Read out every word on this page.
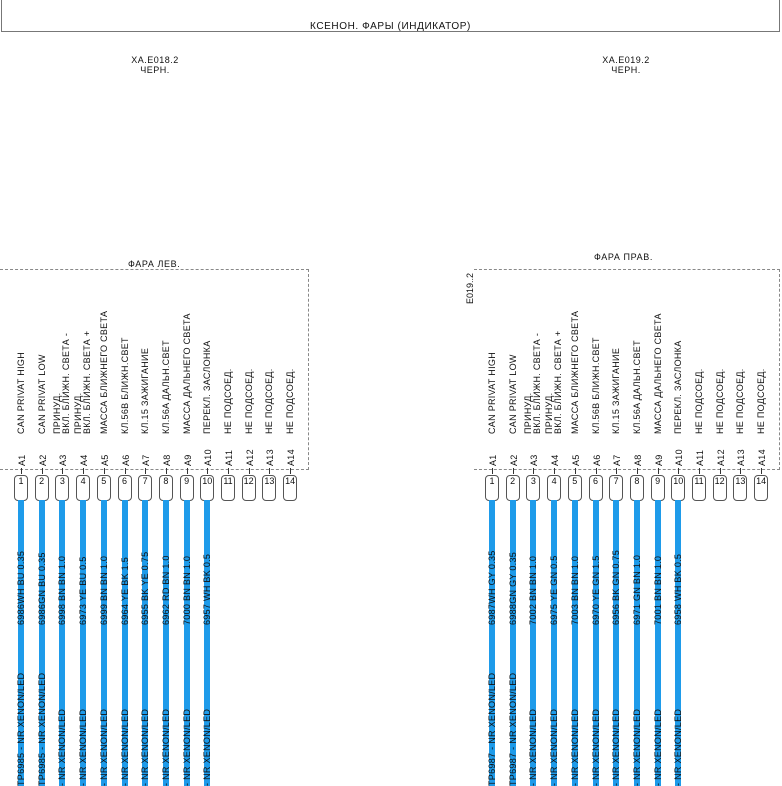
КСЕНОН. ФАРЫ (ИНДИКАТОР)
XA.E018.2
ЧЕРН.
XA.E019.2
ЧЕРН.
ФАРА ЛЕВ.
CAN PRIVAT HIGH
A1
1
6986WH BU 0.35
TP6985 - NR XENON/LED
CAN PRIVAT LOW
A2
2
6986GN BU 0.35
TP6985 - NR XENON/LED
ПРИНУД. ВКЛ. БЛИЖН. СВЕТА -
A3
3
6998 BN BN 1.0
- NR XENON/LED
ПРИНУД. ВКЛ. БЛИЖН. СВЕТА +
A4
4
6973 YE BU 0.5
- NR XENON/LED
МАССА БЛИЖНЕГО СВЕТА
A5
5
6999 BN BN 1.0
- NR XENON/LED
КЛ.56B БЛИЖН.СВЕТ
A6
6
6964 YE BK 1.5
- NR XENON/LED
КЛ.15 ЗАЖИГАНИЕ
A7
7
6955 BK YE 0.75
- NR XENON/LED
КЛ.56A ДАЛЬН.СВЕТ
A8
8
6962 RD BN 1.0
- NR XENON/LED
МАССА ДАЛЬНЕГО СВЕТА
A9
9
7000 BN BN 1.0
- NR XENON/LED
ПЕРЕКЛ. ЗАСЛОНКА
A10
10
6957 WH BK 0.5
- NR XENON/LED
НЕ ПОДСОЕД.
A11
11
НЕ ПОДСОЕД.
A12
12
НЕ ПОДСОЕД.
A13
13
НЕ ПОДСОЕД.
A14
14
ФАРА ПРАВ.
E019..2
CAN PRIVAT HIGH
A1
1
6987WH GY 0.35
TP6987 - NR XENON/LED
CAN PRIVAT LOW
A2
2
6988GN GY 0.35
TP6987 - NR XENON/LED
ПРИНУД. ВКЛ. БЛИЖН. СВЕТА -
A3
3
7002 BN BN 1.0
- NR XENON/LED
ПРИНУД. ВКЛ. БЛИЖН. СВЕТА +
A4
4
6975 YE GN 0.5
- NR XENON/LED
МАССА БЛИЖНЕГО СВЕТА
A5
5
7003 BN BN 1.0
- NR XENON/LED
КЛ.56B БЛИЖН.СВЕТ
A6
6
6970 YE GN 1.5
- NR XENON/LED
КЛ.15 ЗАЖИГАНИЕ
A7
7
6956 BK GN 0.75
- NR XENON/LED
КЛ.56A ДАЛЬН.СВЕТ
A8
8
6971 GN BN 1.0
- NR XENON/LED
МАССА ДАЛЬНЕГО СВЕТА
A9
9
7001 BN BN 1.0
- NR XENON/LED
ПЕРЕКЛ. ЗАСЛОНКА
A10
10
6958 WH BK 0.5
- NR XENON/LED
НЕ ПОДСОЕД.
A11
11
НЕ ПОДСОЕД.
A12
12
НЕ ПОДСОЕД.
A13
13
НЕ ПОДСОЕД.
A14
14
